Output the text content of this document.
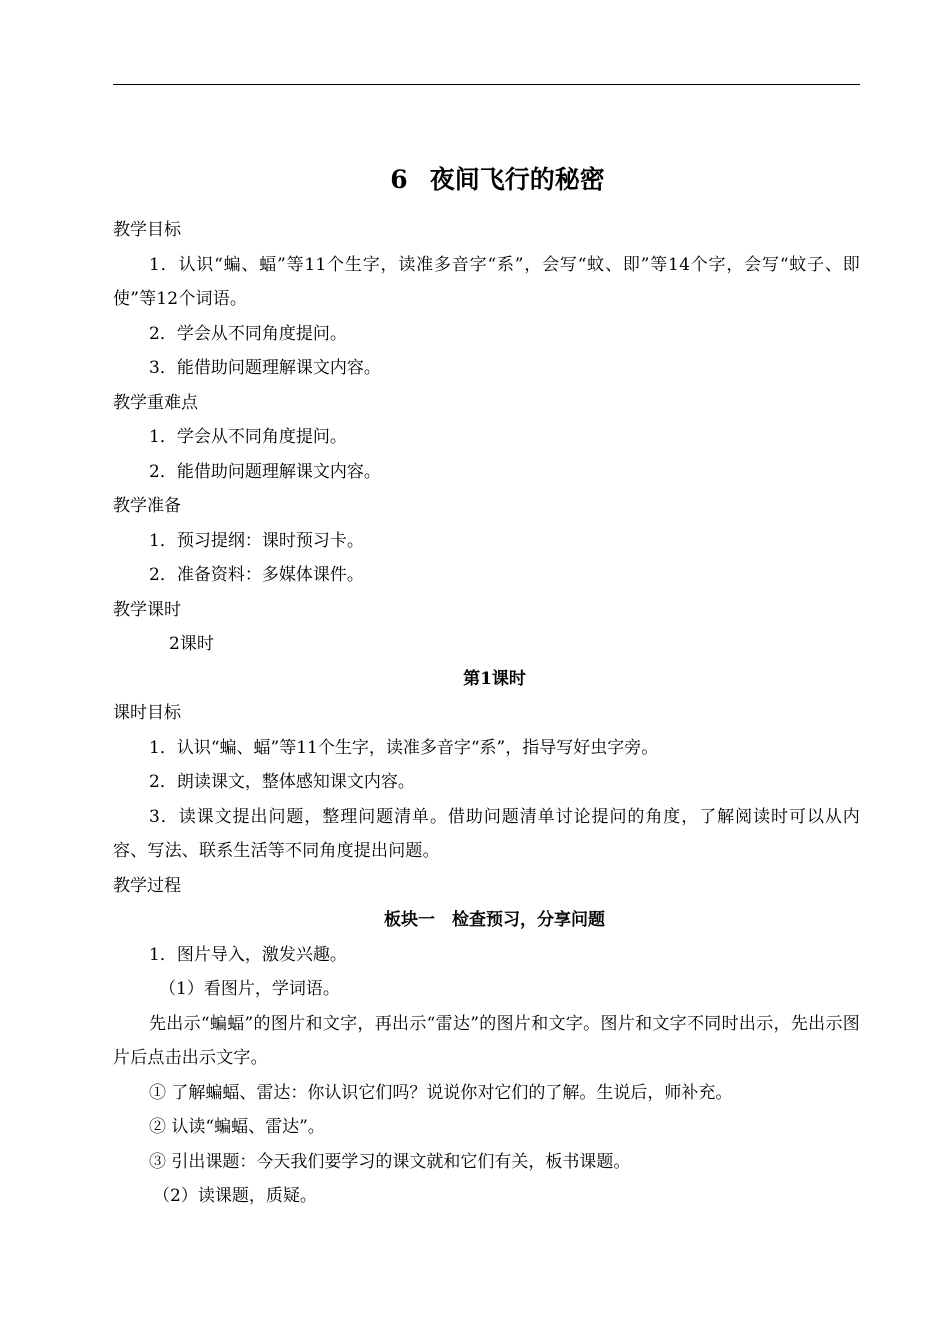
6 夜间飞行的秘密
教学目标
1．认识“蝙、蝠”等11个生字，读准多音字“系”，会写“蚊、即”等14个字，会写“蚊子、即使”等12个词语。
2．学会从不同角度提问。
3．能借助问题理解课文内容。
教学重难点
1．学会从不同角度提问。
2．能借助问题理解课文内容。
教学准备
1．预习提纲：课时预习卡。
2．准备资料：多媒体课件。
教学课时
2课时
第1课时
课时目标
1．认识“蝙、蝠”等11个生字，读准多音字“系”，指导写好虫字旁。
2．朗读课文，整体感知课文内容。
3．读课文提出问题，整理问题清单。借助问题清单讨论提问的角度，了解阅读时可以从内容、写法、联系生活等不同角度提出问题。
教学过程
板块一　检查预习，分享问题
1．图片导入，激发兴趣。
（1）看图片，学词语。
先出示“蝙蝠”的图片和文字，再出示“雷达”的图片和文字。图片和文字不同时出示，先出示图片后点击出示文字。
① 了解蝙蝠、雷达：你认识它们吗？说说你对它们的了解。生说后，师补充。
② 认读“蝙蝠、雷达”。
③ 引出课题：今天我们要学习的课文就和它们有关，板书课题。
（2）读课题，质疑。
